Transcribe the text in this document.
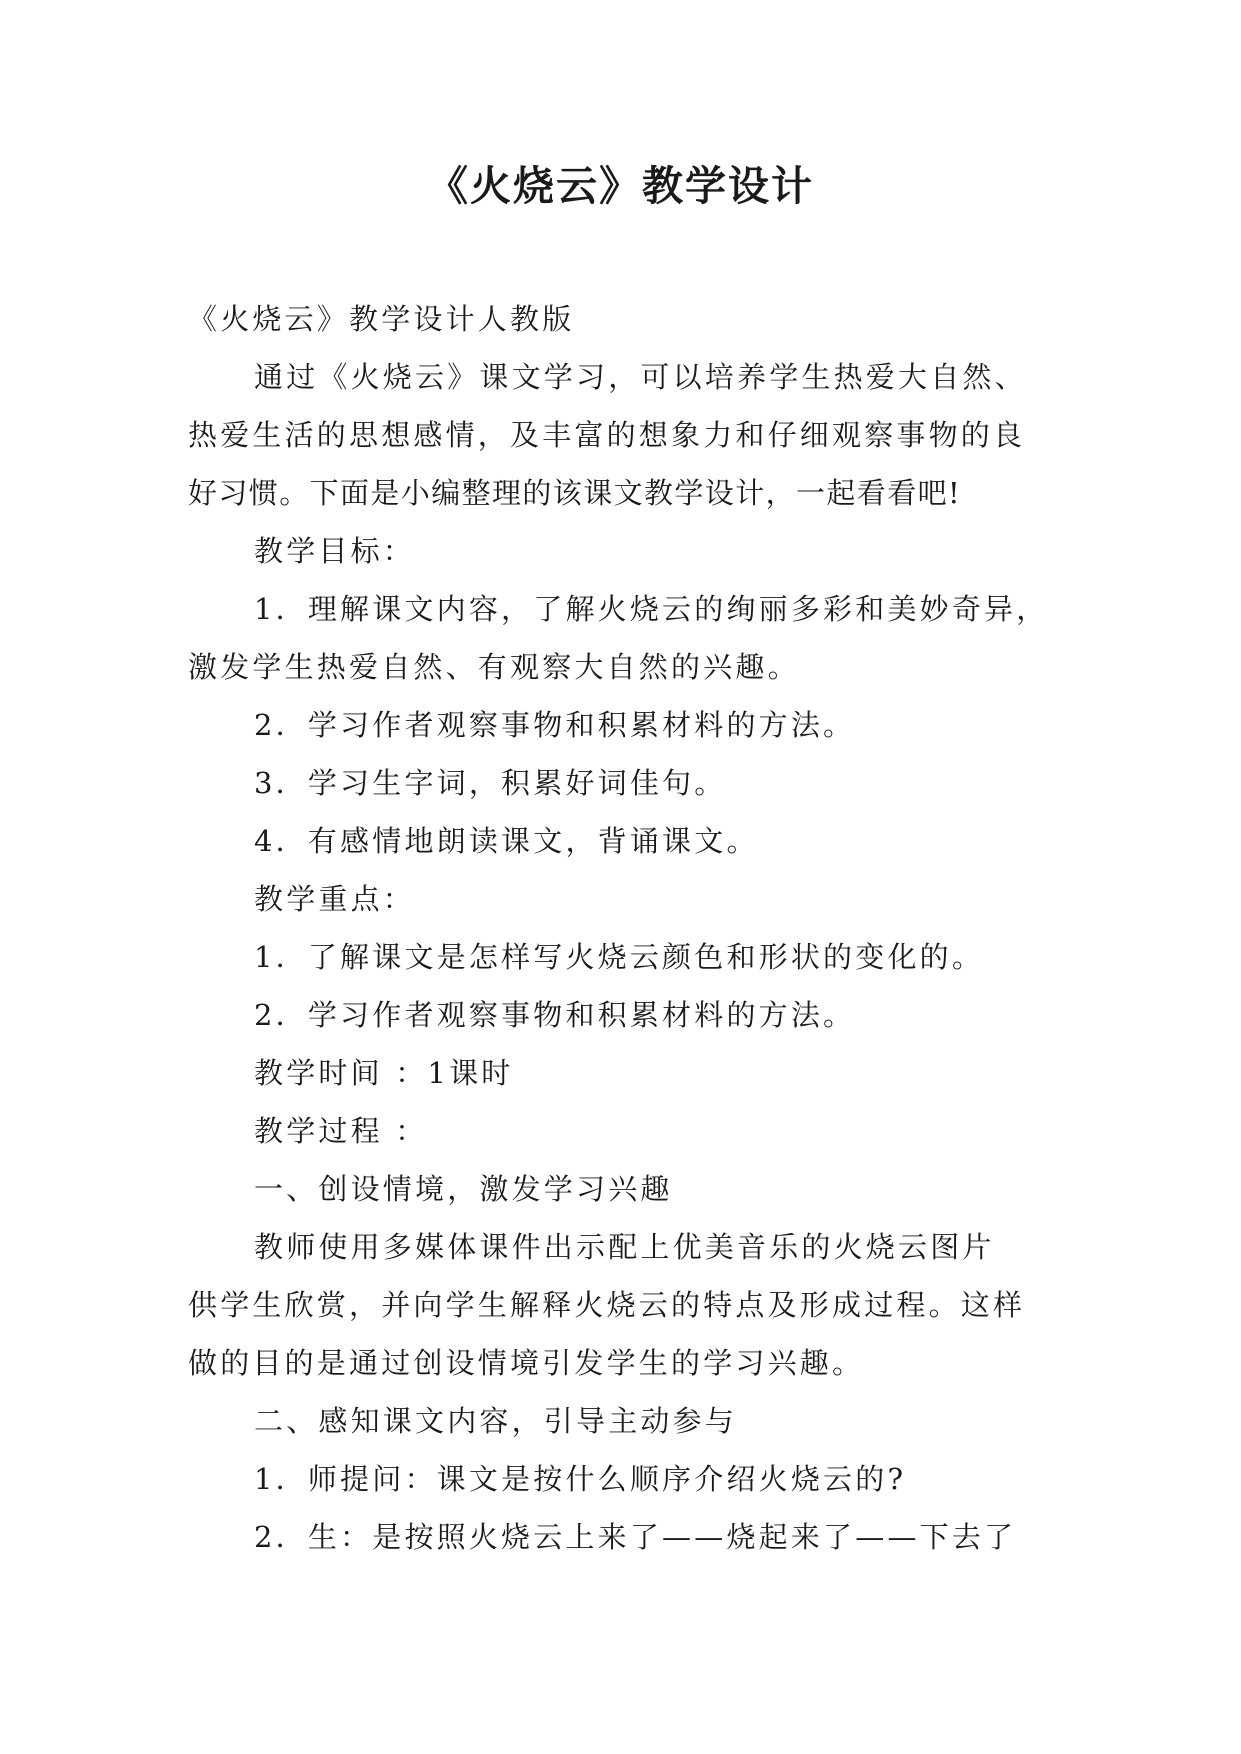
《火烧云》教学设计

《火烧云》教学设计人教版

通过《火烧云》课文学习，可以培养学生热爱大自然、

热爱生活的思想感情，及丰富的想象力和仔细观察事物的良

好习惯。下面是小编整理的该课文教学设计，一起看看吧!

教学目标：

1．理解课文内容，了解火烧云的绚丽多彩和美妙奇异，

激发学生热爱自然、有观察大自然的兴趣。

2．学习作者观察事物和积累材料的方法。

3．学习生字词，积累好词佳句。

4．有感情地朗读课文，背诵课文。

教学重点：

1．了解课文是怎样写火烧云颜色和形状的变化的。

2．学习作者观察事物和积累材料的方法。

教学时间 ：1课时

教学过程 ：

一、创设情境，激发学习兴趣

教师使用多媒体课件出示配上优美音乐的火烧云图片

供学生欣赏，并向学生解释火烧云的特点及形成过程。这样

做的目的是通过创设情境引发学生的学习兴趣。

二、感知课文内容，引导主动参与

1．师提问：课文是按什么顺序介绍火烧云的?

2．生：是按照火烧云上来了——烧起来了——下去了
